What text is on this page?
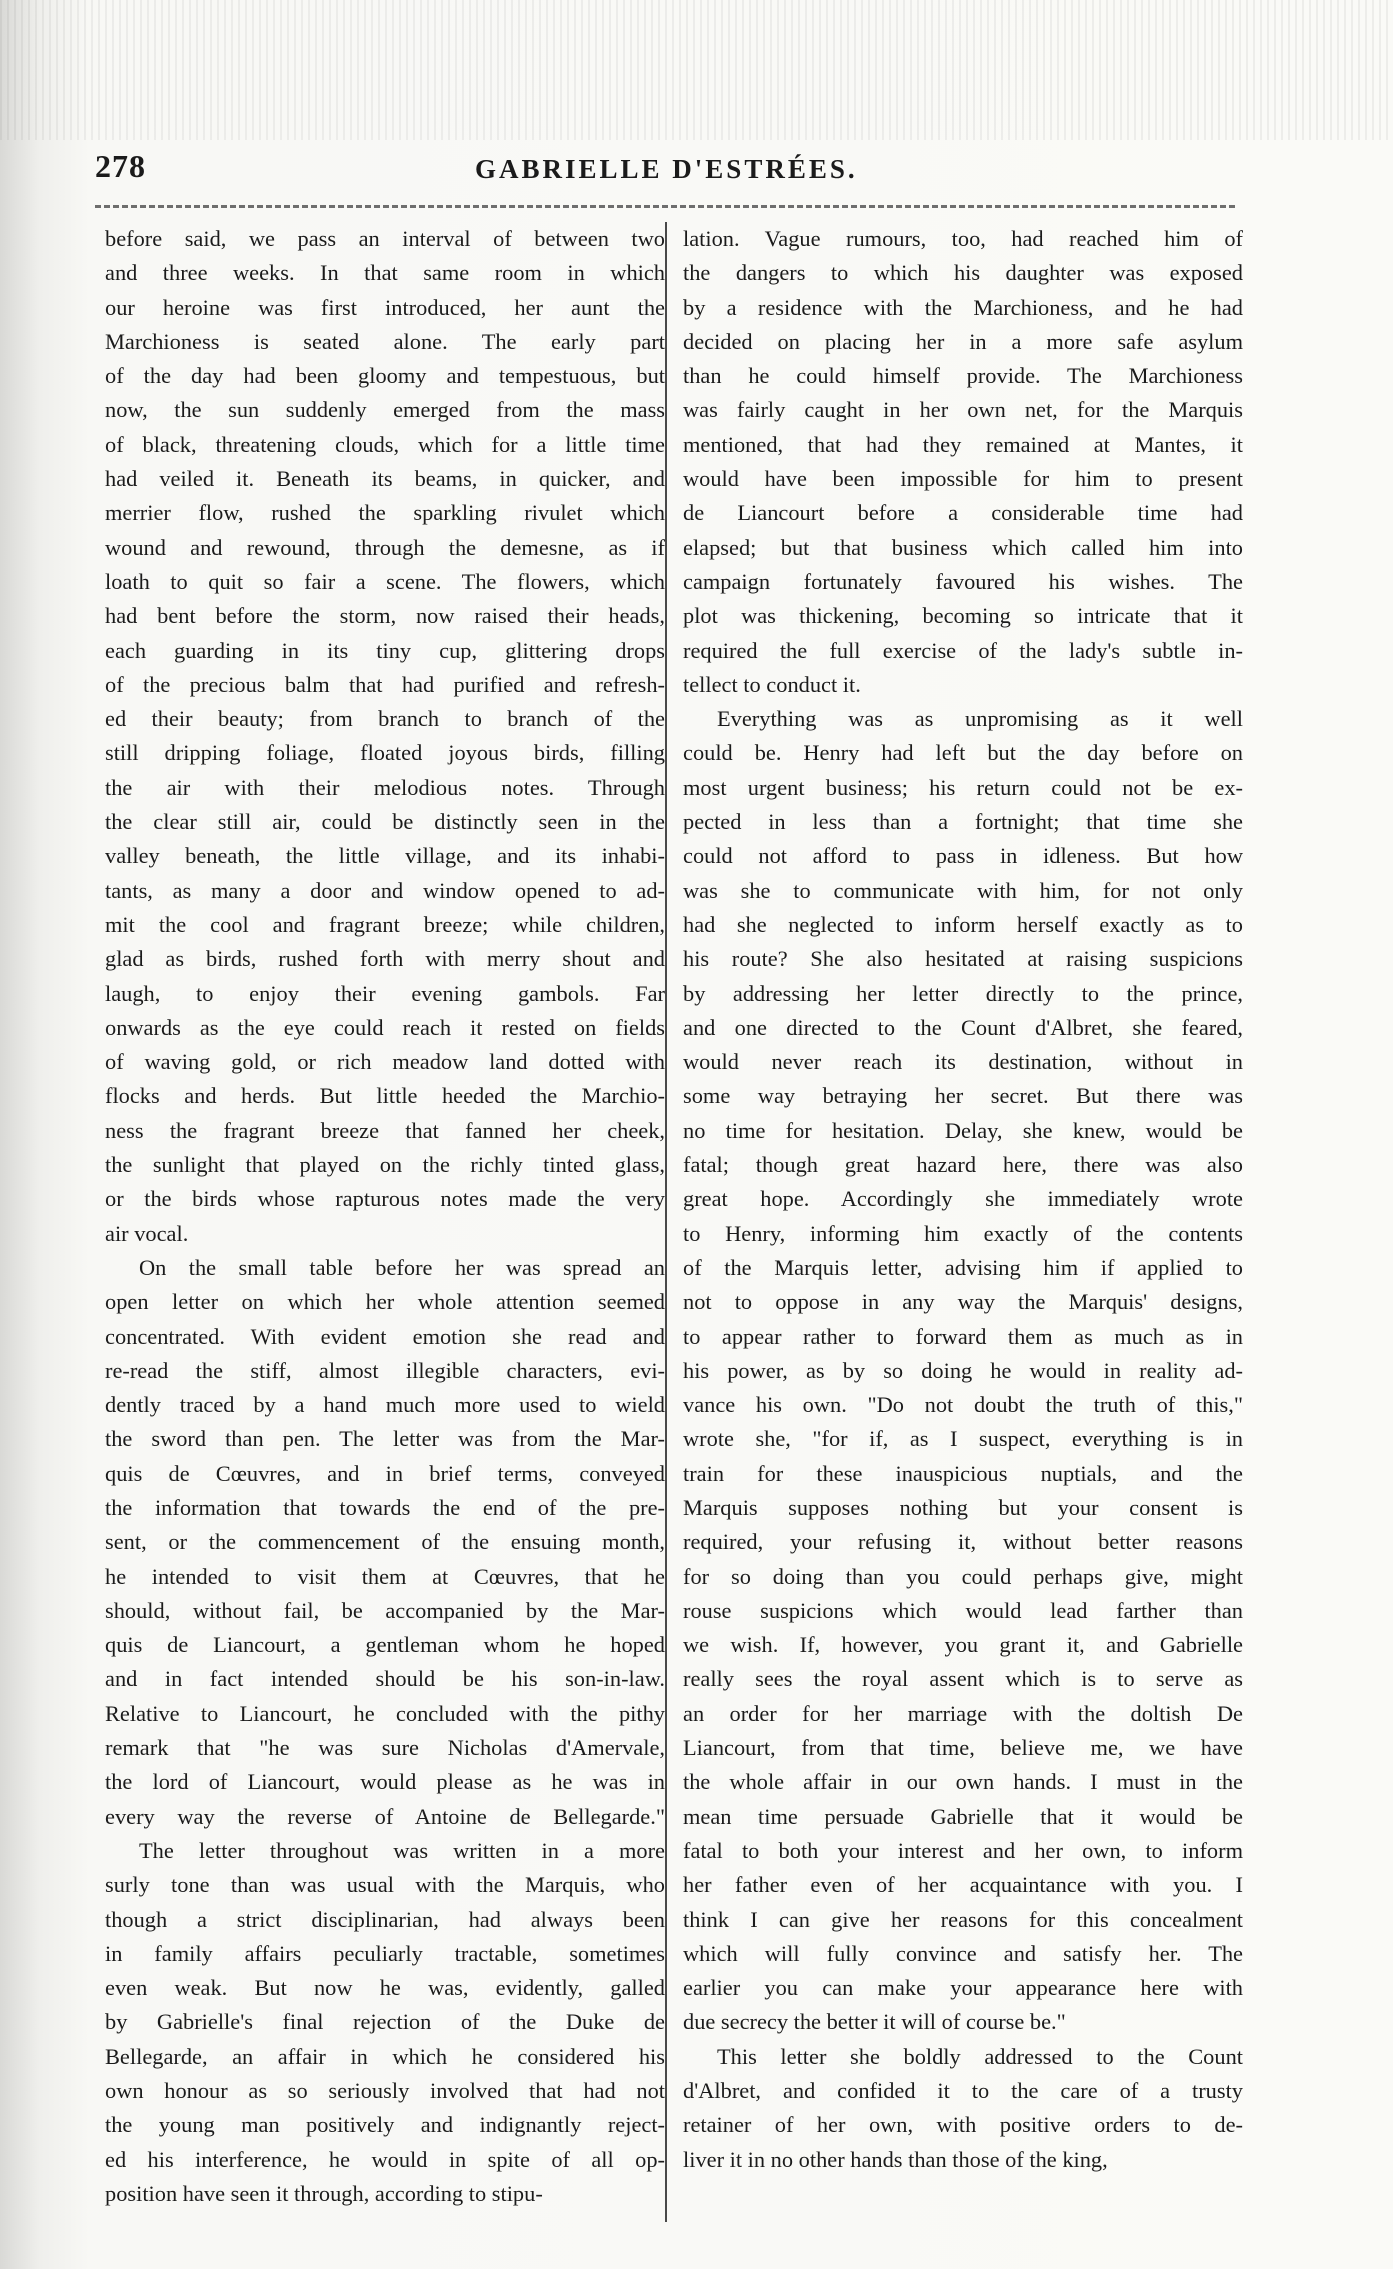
278	GABRIELLE D'ESTRÉES.
before said, we pass an interval of between two
and three weeks. In that same room in which
our heroine was first introduced, her aunt the
Marchioness is seated alone. The early part
of the day had been gloomy and tempestuous, but
now, the sun suddenly emerged from the mass
of black, threatening clouds, which for a little time
had veiled it. Beneath its beams, in quicker, and
merrier flow, rushed the sparkling rivulet which
wound and rewound, through the demesne, as if
loath to quit so fair a scene. The flowers, which
had bent before the storm, now raised their heads,
each guarding in its tiny cup, glittering drops
of the precious balm that had purified and refresh-
ed their beauty; from branch to branch of the
still dripping foliage, floated joyous birds, filling
the air with their melodious notes. Through
the clear still air, could be distinctly seen in the
valley beneath, the little village, and its inhabi-
tants, as many a door and window opened to ad-
mit the cool and fragrant breeze; while children,
glad as birds, rushed forth with merry shout and
laugh, to enjoy their evening gambols. Far
onwards as the eye could reach it rested on fields
of waving gold, or rich meadow land dotted with
flocks and herds. But little heeded the Marchio-
ness the fragrant breeze that fanned her cheek,
the sunlight that played on the richly tinted glass,
or the birds whose rapturous notes made the very
air vocal.
On the small table before her was spread an
open letter on which her whole attention seemed
concentrated. With evident emotion she read and
re-read the stiff, almost illegible characters, evi-
dently traced by a hand much more used to wield
the sword than pen. The letter was from the Mar-
quis de Cœuvres, and in brief terms, conveyed
the information that towards the end of the pre-
sent, or the commencement of the ensuing month,
he intended to visit them at Cœuvres, that he
should, without fail, be accompanied by the Mar-
quis de Liancourt, a gentleman whom he hoped
and in fact intended should be his son-in-law.
Relative to Liancourt, he concluded with the pithy
remark that "he was sure Nicholas d'Amervale,
the lord of Liancourt, would please as he was in
every way the reverse of Antoine de Bellegarde."
The letter throughout was written in a more
surly tone than was usual with the Marquis, who
though a strict disciplinarian, had always been
in family affairs peculiarly tractable, sometimes
even weak. But now he was, evidently, galled
by Gabrielle's final rejection of the Duke de
Bellegarde, an affair in which he considered his
own honour as so seriously involved that had not
the young man positively and indignantly reject-
ed his interference, he would in spite of all op-
position have seen it through, according to stipu-
lation. Vague rumours, too, had reached him of
the dangers to which his daughter was exposed
by a residence with the Marchioness, and he had
decided on placing her in a more safe asylum
than he could himself provide. The Marchioness
was fairly caught in her own net, for the Marquis
mentioned, that had they remained at Mantes, it
would have been impossible for him to present
de Liancourt before a considerable time had
elapsed; but that business which called him into
campaign fortunately favoured his wishes. The
plot was thickening, becoming so intricate that it
required the full exercise of the lady's subtle in-
tellect to conduct it.
Everything was as unpromising as it well
could be. Henry had left but the day before on
most urgent business; his return could not be ex-
pected in less than a fortnight; that time she
could not afford to pass in idleness. But how
was she to communicate with him, for not only
had she neglected to inform herself exactly as to
his route? She also hesitated at raising suspicions
by addressing her letter directly to the prince,
and one directed to the Count d'Albret, she feared,
would never reach its destination, without in
some way betraying her secret. But there was
no time for hesitation. Delay, she knew, would be
fatal; though great hazard here, there was also
great hope. Accordingly she immediately wrote
to Henry, informing him exactly of the contents
of the Marquis letter, advising him if applied to
not to oppose in any way the Marquis' designs,
to appear rather to forward them as much as in
his power, as by so doing he would in reality ad-
vance his own. "Do not doubt the truth of this,"
wrote she, "for if, as I suspect, everything is in
train for these inauspicious nuptials, and the
Marquis supposes nothing but your consent is
required, your refusing it, without better reasons
for so doing than you could perhaps give, might
rouse suspicions which would lead farther than
we wish. If, however, you grant it, and Gabrielle
really sees the royal assent which is to serve as
an order for her marriage with the doltish De
Liancourt, from that time, believe me, we have
the whole affair in our own hands. I must in the
mean time persuade Gabrielle that it would be
fatal to both your interest and her own, to inform
her father even of her acquaintance with you. I
think I can give her reasons for this concealment
which will fully convince and satisfy her. The
earlier you can make your appearance here with
due secrecy the better it will of course be."
This letter she boldly addressed to the Count
d'Albret, and confided it to the care of a trusty
retainer of her own, with positive orders to de-
liver it in no other hands than those of the king,
